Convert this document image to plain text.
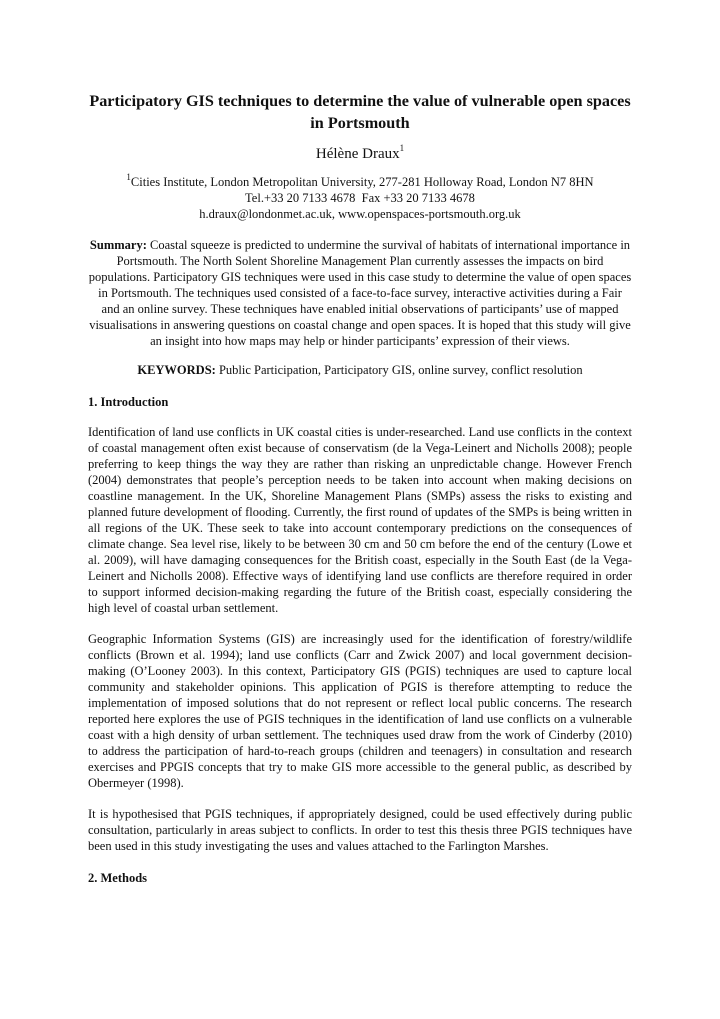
Participatory GIS techniques to determine the value of vulnerable open spaces in Portsmouth

Hélène Draux$^1$

$^1$Cities Institute, London Metropolitan University, 277-281 Holloway Road, London N7 8HN
Tel.+33 20 7133 4678  Fax +33 20 7133 4678
h.draux@londonmet.ac.uk, www.openspaces-portsmouth.org.uk

Summary: Coastal squeeze is predicted to undermine the survival of habitats of international importance in Portsmouth. The North Solent Shoreline Management Plan currently assesses the impacts on bird populations. Participatory GIS techniques were used in this case study to determine the value of open spaces in Portsmouth. The techniques used consisted of a face-to-face survey, interactive activities during a Fair and an online survey. These techniques have enabled initial observations of participants’ use of mapped visualisations in answering questions on coastal change and open spaces. It is hoped that this study will give an insight into how maps may help or hinder participants’ expression of their views.

KEYWORDS: Public Participation, Participatory GIS, online survey, conflict resolution

1. Introduction

Identification of land use conflicts in UK coastal cities is under-researched. Land use conflicts in the context of coastal management often exist because of conservatism (de la Vega-Leinert and Nicholls 2008); people preferring to keep things the way they are rather than risking an unpredictable change. However French (2004) demonstrates that people’s perception needs to be taken into account when making decisions on coastline management. In the UK, Shoreline Management Plans (SMPs) assess the risks to existing and planned future development of flooding. Currently, the first round of updates of the SMPs is being written in all regions of the UK. These seek to take into account contemporary predictions on the consequences of climate change. Sea level rise, likely to be between 30 cm and 50 cm before the end of the century (Lowe et al. 2009), will have damaging consequences for the British coast, especially in the South East (de la Vega-Leinert and Nicholls 2008). Effective ways of identifying land use conflicts are therefore required in order to support informed decision-making regarding the future of the British coast, especially considering the high level of coastal urban settlement.

Geographic Information Systems (GIS) are increasingly used for the identification of forestry/wildlife conflicts (Brown et al. 1994); land use conflicts (Carr and Zwick 2007) and local government decision-making (O’Looney 2003). In this context, Participatory GIS (PGIS) techniques are used to capture local community and stakeholder opinions. This application of PGIS is therefore attempting to reduce the implementation of imposed solutions that do not represent or reflect local public concerns. The research reported here explores the use of PGIS techniques in the identification of land use conflicts on a vulnerable coast with a high density of urban settlement. The techniques used draw from the work of Cinderby (2010) to address the participation of hard-to-reach groups (children and teenagers) in consultation and research exercises and PPGIS concepts that try to make GIS more accessible to the general public, as described by Obermeyer (1998).

It is hypothesised that PGIS techniques, if appropriately designed, could be used effectively during public consultation, particularly in areas subject to conflicts. In order to test this thesis three PGIS techniques have been used in this study investigating the uses and values attached to the Farlington Marshes.

2. Methods
